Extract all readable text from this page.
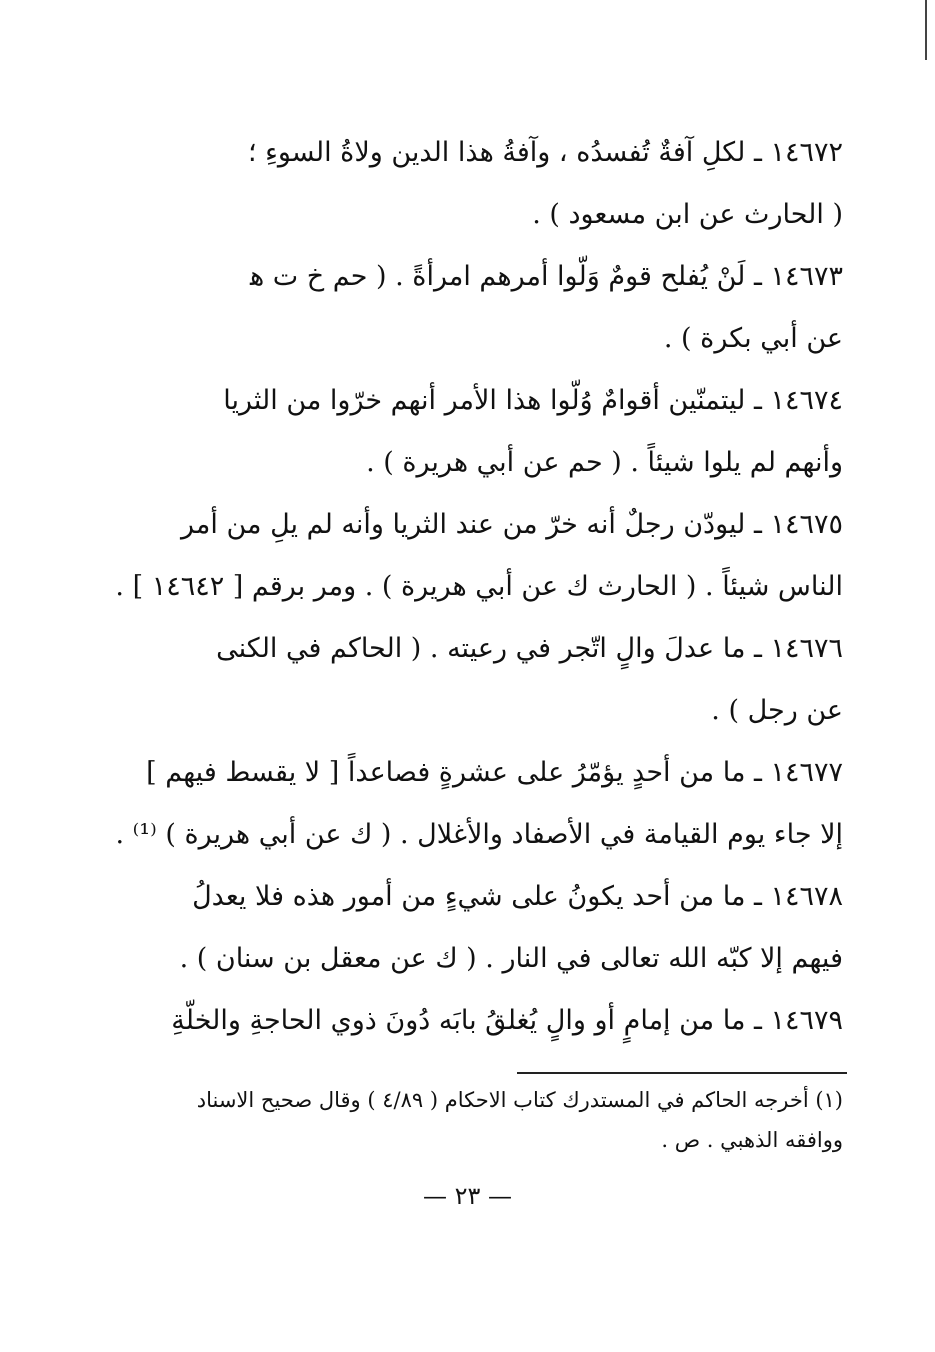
١٤٦٧٢ ـ لكلِ آفةٌ تُفسدُه ، وآفةُ هذا الدين ولاةُ السوءِ ؛
( الحارث عن ابن مسعود ) .
١٤٦٧٣ ـ لَنْ يُفلح قومٌ وَلّوا أمرهم امرأةً . ( حم خ ت ﻫ
عن أبي بكرة ) .
١٤٦٧٤ ـ ليتمنّين أقوامٌ وُلّوا هذا الأمر أنهم خرّوا من الثريا
وأنهم لم يلوا شيئاً . ( حم عن أبي هريرة ) .
١٤٦٧٥ ـ ليودّن رجلٌ أنه خرّ من عند الثريا وأنه لم يلِ من أمر
الناس شيئاً . ( الحارث ك عن أبي هريرة ) . ومر برقم [ ١٤٦٤٢ ] .
١٤٦٧٦ ـ ما عدلَ والٍ اتّجر في رعيته . ( الحاكم في الكنى
عن رجل ) .
١٤٦٧٧ ـ ما من أحدٍ يؤمّرُ على عشرةٍ فصاعداً [ لا يقسط فيهم ]
إلا جاء يوم القيامة في الأصفاد والأغلال . ( ك عن أبي هريرة ) ⁽¹⁾ .
١٤٦٧٨ ـ ما من أحد يكونُ على شيءٍ من أمور هذه فلا يعدلُ
فيهم إلا كبّه الله تعالى في النار . ( ك عن معقل بن سنان ) .
١٤٦٧٩ ـ ما من إمامٍ أو والٍ يُغلقُ بابَه دُونَ ذوي الحاجةِ والخلّةِ
(١) أخرجه الحاكم في المستدرك كتاب الاحكام ( ٤/٨٩ ) وقال صحيح الاسناد
ووافقه الذهبي . ص .
— ٢٣ —
